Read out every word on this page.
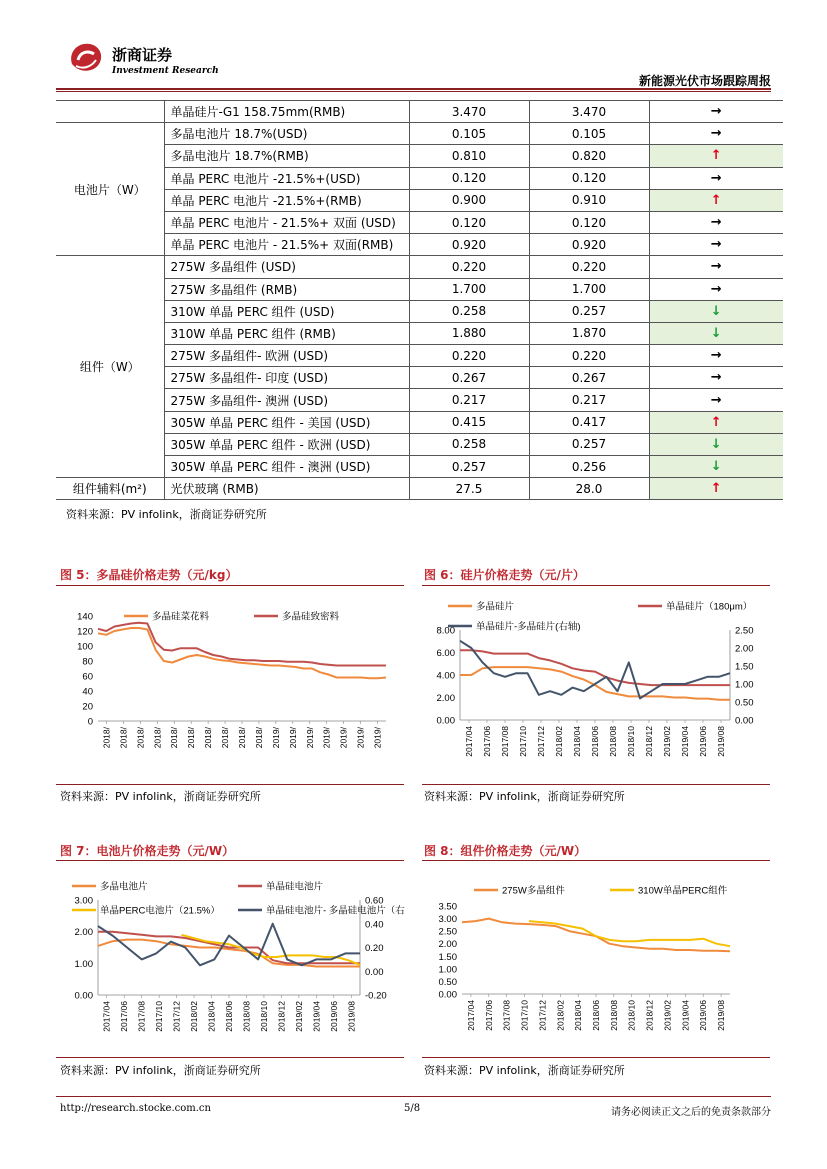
浙商证券
Investment Research
新能源光伏市场跟踪周报
	单晶硅片-G1 158.75mm(RMB)	3.470	3.470	→
电池片（W）	多晶电池片 18.7%(USD)	0.105	0.105	→
	多晶电池片 18.7%(RMB)	0.810	0.820	↑
	单晶 PERC 电池片 -21.5%+(USD)	0.120	0.120	→
	单晶 PERC 电池片 -21.5%+(RMB)	0.900	0.910	↑
	单晶 PERC 电池片 - 21.5%+ 双面 (USD)	0.120	0.120	→
	单晶 PERC 电池片 - 21.5%+ 双面(RMB)	0.920	0.920	→
组件（W）	275W 多晶组件 (USD)	0.220	0.220	→
	275W 多晶组件 (RMB)	1.700	1.700	→
	310W 单晶 PERC 组件 (USD)	0.258	0.257	↓
	310W 单晶 PERC 组件 (RMB)	1.880	1.870	↓
	275W 多晶组件- 欧洲 (USD)	0.220	0.220	→
	275W 多晶组件- 印度 (USD)	0.267	0.267	→
	275W 多晶组件- 澳洲 (USD)	0.217	0.217	→
	305W 单晶 PERC 组件 - 美国 (USD)	0.415	0.417	↑
	305W 单晶 PERC 组件 - 欧洲 (USD)	0.258	0.257	↓
	305W 单晶 PERC 组件 - 澳洲 (USD)	0.257	0.256	↓
组件辅料(m²)	光伏玻璃 (RMB)	27.5	28.0	↑
资料来源：PV infolink，浙商证券研究所
图 5：多晶硅价格走势（元/kg）
0
20
40
60
80
100
120
140
2018/ 2018/ 2018/ 2018/ 2018/ 2018/ 2018/ 2018/ 2018/ 2018/ 2019/ 2019/ 2019/ 2019/ 2019/ 2019/ 2019/
多晶硅菜花料	多晶硅致密料
资料来源：PV infolink，浙商证券研究所
图 6：硅片价格走势（元/片）
0.00
2.00
4.00
6.00
8.00
2017/04 2017/06 2017/08 2017/10 2017/12 2018/02 2018/04 2018/06 2018/08 2018/10 2018/12 2019/02 2019/04 2019/06 2019/08
0.00
0.50
1.00
1.50
2.00
2.50
多晶硅片	单晶硅片（180μm）
单晶硅片-多晶硅片(右轴)
资料来源：PV infolink，浙商证券研究所
图 7：电池片价格走势（元/W）
0.00
1.00
2.00
3.00
2017/04 2017/06 2017/08 2017/10 2017/12 2018/02 2018/04 2018/06 2018/08 2018/10 2018/12 2019/02 2019/04 2019/06 2019/08
-0.20
0.00
0.20
0.40
0.60
多晶电池片	单晶硅电池片
单晶PERC电池片（21.5%）	单晶硅电池片- 多晶硅电池片（右
资料来源：PV infolink，浙商证券研究所
图 8：组件价格走势（元/W）
0.00
0.50
1.00
1.50
2.00
2.50
3.00
3.50
2017/04 2017/06 2017/08 2017/10 2017/12 2018/02 2018/04 2018/06 2018/08 2018/10 2018/12 2019/02 2019/04 2019/06 2019/08
275W多晶组件	310W单晶PERC组件
资料来源：PV infolink，浙商证券研究所
http://research.stocke.com.cn	5/8	请务必阅读正文之后的免责条款部分
